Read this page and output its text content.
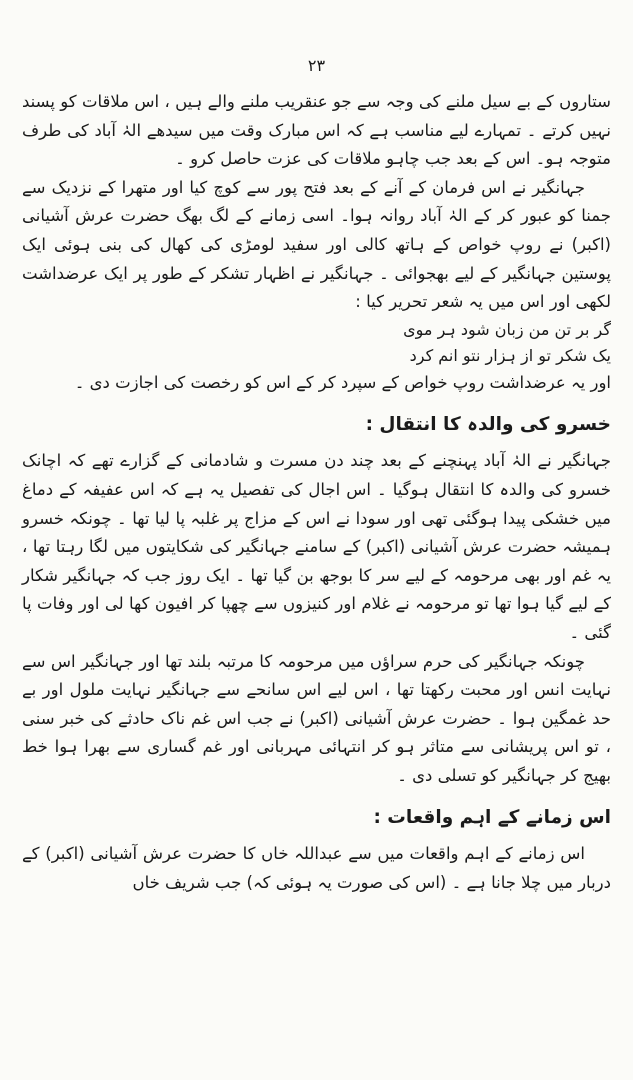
۲۳

ستاروں کے بے سیل ملنے کی وجہ سے جو عنقریب ملنے والے ہیں ، اس ملاقات کو پسند نہیں کرتے ۔ تمہارے لیے مناسب ہے کہ اس مبارک وقت میں سیدھے الہٰ آباد کی طرف متوجہ ہو۔ اس کے بعد جب چاہو ملاقات کی عزت حاصل کرو ۔

جہانگیر نے اس فرمان کے آنے کے بعد فتح پور سے کوچ کیا اور متھرا کے نزدیک سے جمنا کو عبور کر کے الہٰ آباد روانہ ہوا۔ اسی زمانے کے لگ بھگ حضرت عرش آشیانی (اکبر) نے روپ خواص کے ہاتھ کالی اور سفید لومڑی کی کھال کی بنی ہوئی ایک پوستین جہانگیر کے لیے بھجوائی ۔ جہانگیر نے اظہار تشکر کے طور پر ایک عرضداشت لکھی اور اس میں یہ شعر تحریر کیا :

گر بر تن من زبان شود ہر موی

یک شکر تو از ہزار نتو انم کرد

اور یہ عرضداشت روپ خواص کے سپرد کر کے اس کو رخصت کی اجازت دی ۔

خسرو کی والدہ کا انتقال :

جہانگیر نے الہٰ آباد پہنچنے کے بعد چند دن مسرت و شادمانی کے گزارے تھے کہ اچانک خسرو کی والدہ کا انتقال ہوگیا ۔ اس اجال کی تفصیل یہ ہے کہ اس عفیفہ کے دماغ میں خشکی پیدا ہوگئی تھی اور سودا نے اس کے مزاج پر غلبہ پا لیا تھا ۔ چونکہ خسرو ہمیشہ حضرت عرش آشیانی (اکبر) کے سامنے جہانگیر کی شکایتوں میں لگا رہتا تھا ، یہ غم اور بھی مرحومہ کے لیے سر کا بوجھ بن گیا تھا ۔ ایک روز جب کہ جہانگیر شکار کے لیے گیا ہوا تھا تو مرحومہ نے غلام اور کنیزوں سے چھپا کر افیون کھا لی اور وفات پا گئی ۔

چونکہ جہانگیر کی حرم سراؤں میں مرحومہ کا مرتبہ بلند تھا اور جہانگیر اس سے نہایت انس اور محبت رکھتا تھا ، اس لیے اس سانحے سے جہانگیر نہایت ملول اور بے حد غمگین ہوا ۔ حضرت عرش آشیانی (اکبر) نے جب اس غم ناک حادثے کی خبر سنی ، تو اس پریشانی سے متاثر ہو کر انتہائی مہربانی اور غم گساری سے بھرا ہوا خط بھیج کر جہانگیر کو تسلی دی ۔

اس زمانے کے اہم واقعات :

اس زمانے کے اہم واقعات میں سے عبداللہ خاں کا حضرت عرش آشیانی (اکبر) کے دربار میں چلا جانا ہے ۔ (اس کی صورت یہ ہوئی کہ) جب شریف خاں
